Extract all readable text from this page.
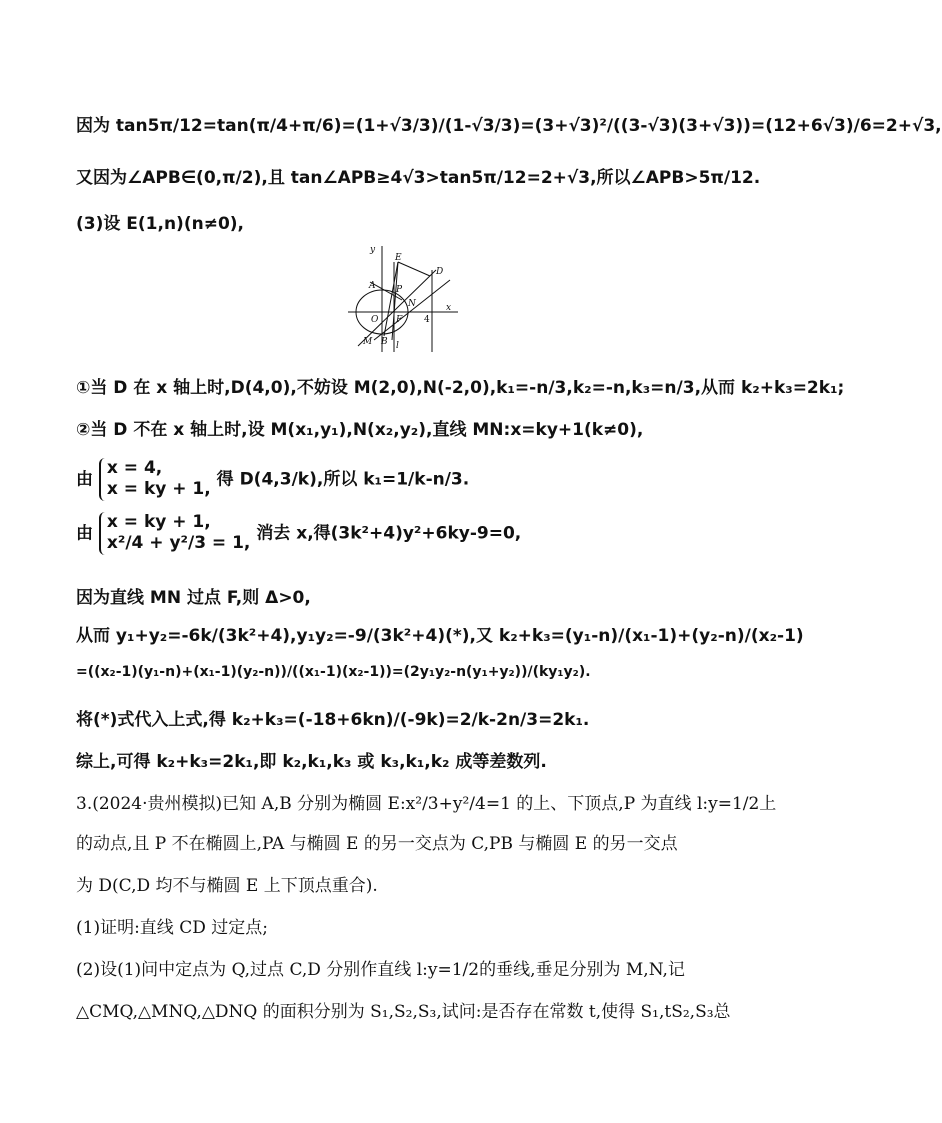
因为 tan5π/12=tan(π/4+π/6)=(1+√3/3)/(1-√3/3)=(3+√3)²/((3-√3)(3+√3))=(12+6√3)/6=2+√3,
又因为∠APB∈(0,π/2),且 tan∠APB≥4√3>tan5π/12=2+√3,所以∠APB>5π/12.
(3)设 E(1,n)(n≠0),
y
E
D
A P
N
O F 4
x
M B l
①当 D 在 x 轴上时,D(4,0),不妨设 M(2,0),N(-2,0),k₁=-n/3,k₂=-n,k₃=n/3,从而 k₂+k₃=2k₁;
②当 D 不在 x 轴上时,设 M(x₁,y₁),N(x₂,y₂),直线 MN:x=ky+1(k≠0),
由
x = 4,
x = ky + 1, 得 D(4,3/k),所以 k₁=1/k-n/3.
由
x = ky + 1,
x²/4 + y²/3 = 1, 消去 x,得(3k²+4)y²+6ky-9=0,
因为直线 MN 过点 F,则 Δ>0,
从而 y₁+y₂=-6k/(3k²+4),y₁y₂=-9/(3k²+4)(*),又 k₂+k₃=(y₁-n)/(x₁-1)+(y₂-n)/(x₂-1)
=((x₂-1)(y₁-n)+(x₁-1)(y₂-n))/((x₁-1)(x₂-1))=(2y₁y₂-n(y₁+y₂))/(ky₁y₂).
将(*)式代入上式,得 k₂+k₃=(-18+6kn)/(-9k)=2/k-2n/3=2k₁.
综上,可得 k₂+k₃=2k₁,即 k₂,k₁,k₃ 或 k₃,k₁,k₂ 成等差数列.
3.(2024·贵州模拟)已知 A,B 分别为椭圆 E:x²/3+y²/4=1 的上、下顶点,P 为直线 l:y=1/2上
的动点,且 P 不在椭圆上,PA 与椭圆 E 的另一交点为 C,PB 与椭圆 E 的另一交点
为 D(C,D 均不与椭圆 E 上下顶点重合).
(1)证明:直线 CD 过定点;
(2)设(1)问中定点为 Q,过点 C,D 分别作直线 l:y=1/2的垂线,垂足分别为 M,N,记
△CMQ,△MNQ,△DNQ 的面积分别为 S₁,S₂,S₃,试问:是否存在常数 t,使得 S₁,tS₂,S₃总
